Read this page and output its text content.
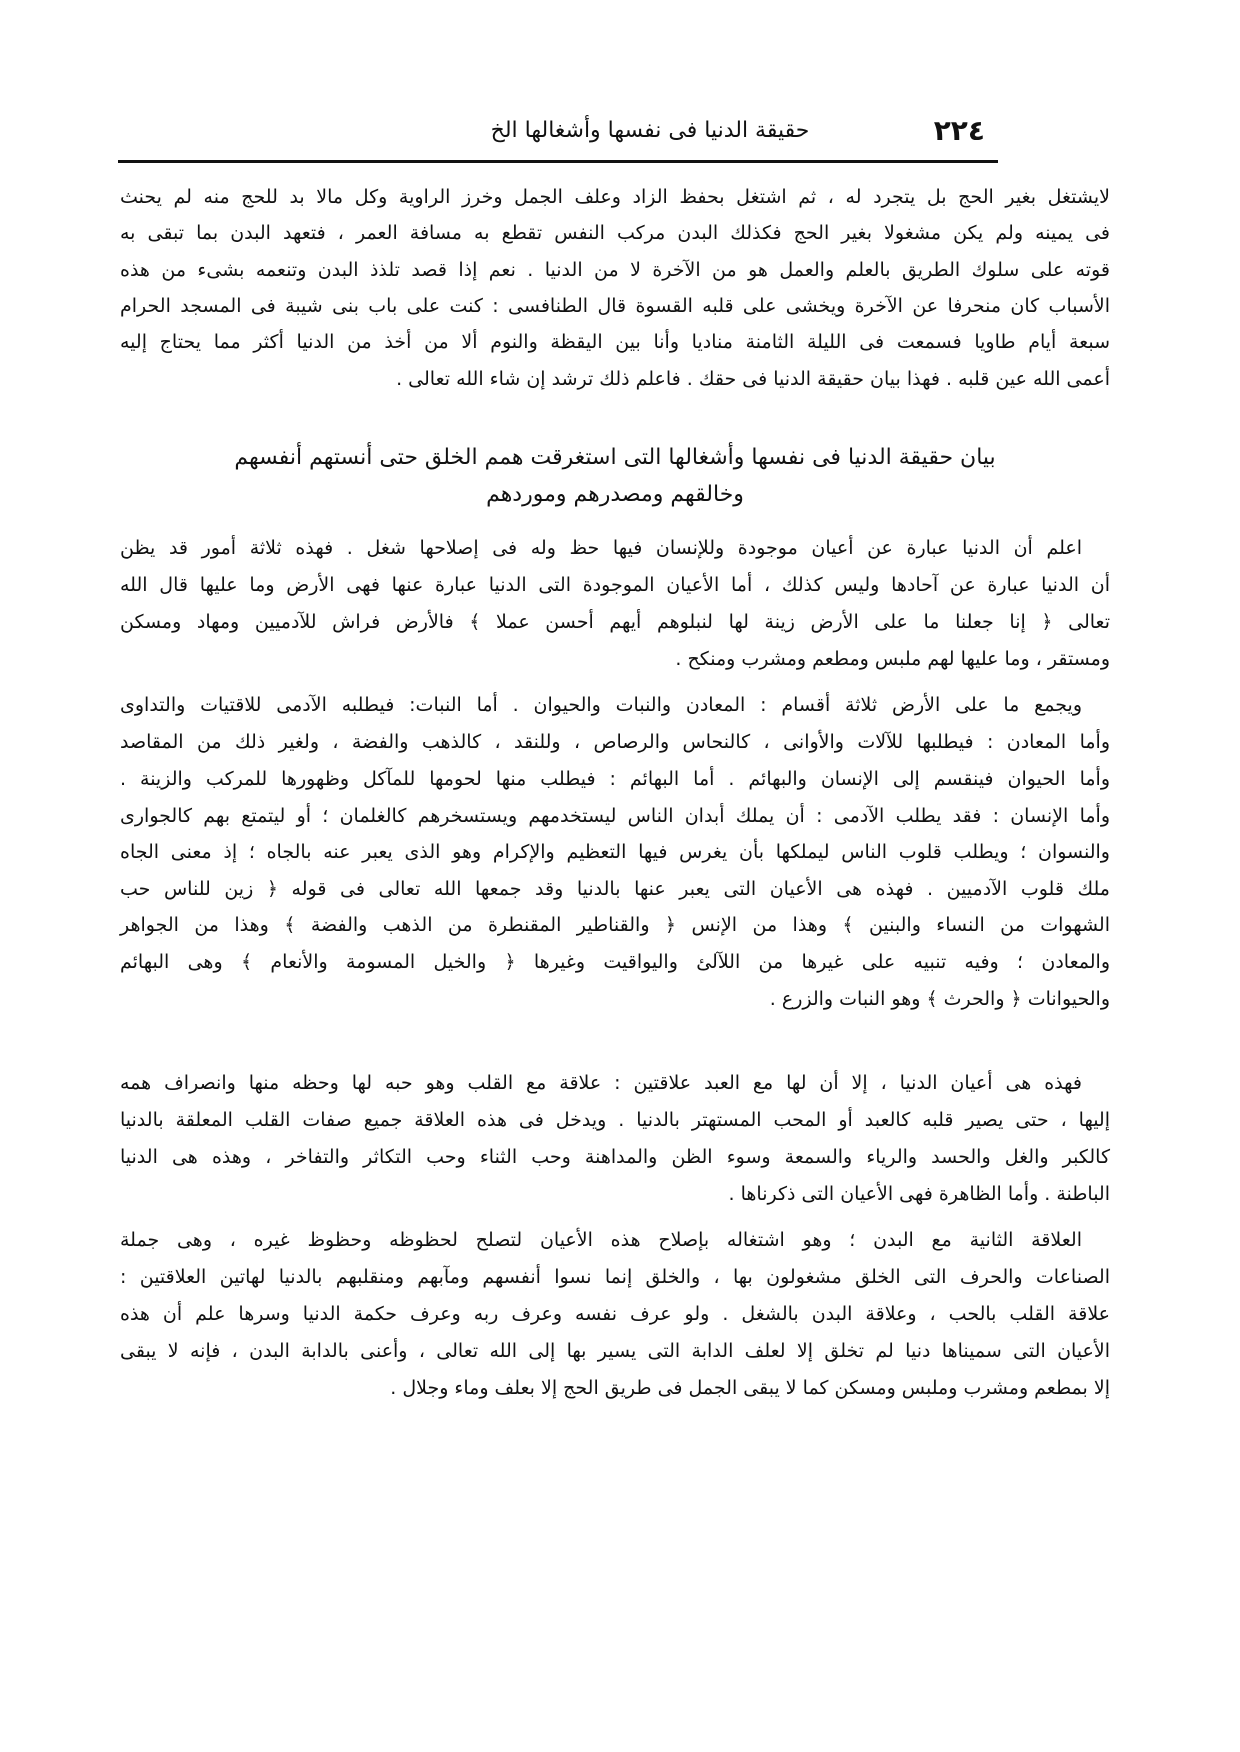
حقيقة الدنيا فى نفسها وأشغالها الخ	٢٢٤
لايشتغل بغير الحج بل يتجرد له ، ثم اشتغل بحفظ الزاد وعلف الجمل وخرز الراوية وكل مالا بد للحج منه لم يحنث
فى يمينه ولم يكن مشغولا بغير الحج فكذلك البدن مركب النفس تقطع به مسافة العمر ، فتعهد البدن بما تبقى به
قوته على سلوك الطريق بالعلم والعمل هو من الآخرة لا من الدنيا . نعم إذا قصد تلذذ البدن وتنعمه بشىء من هذه
الأسباب كان منحرفا عن الآخرة ويخشى على قلبه القسوة قال الطنافسى : كنت على باب بنى شيبة فى المسجد الحرام
سبعة أيام طاويا فسمعت فى الليلة الثامنة مناديا وأنا بين اليقظة والنوم ألا من أخذ من الدنيا أكثر مما يحتاج إليه
أعمى الله عين قلبه . فهذا بيان حقيقة الدنيا فى حقك . فاعلم ذلك ترشد إن شاء الله تعالى .
بيان حقيقة الدنيا فى نفسها وأشغالها التى استغرقت همم الخلق حتى أنستهم أنفسهم
وخالقهم ومصدرهم وموردهم
اعلم أن الدنيا عبارة عن أعيان موجودة وللإنسان فيها حظ وله فى إصلاحها شغل . فهذه ثلاثة أمور قد يظن
أن الدنيا عبارة عن آحادها وليس كذلك ، أما الأعيان الموجودة التى الدنيا عبارة عنها فهى الأرض وما عليها قال الله
تعالى ﴿ إنا جعلنا ما على الأرض زينة لها لنبلوهم أيهم أحسن عملا ﴾ فالأرض فراش للآدميين ومهاد ومسكن
ومستقر ، وما عليها لهم ملبس ومطعم ومشرب ومنكح .
ويجمع ما على الأرض ثلاثة أقسام : المعادن والنبات والحيوان . أما النبات: فيطلبه الآدمى للاقتيات والتداوى
وأما المعادن : فيطلبها للآلات والأوانى ، كالنحاس والرصاص ، وللنقد ، كالذهب والفضة ، ولغير ذلك من المقاصد
وأما الحيوان فينقسم إلى الإنسان والبهائم . أما البهائم : فيطلب منها لحومها للمآكل وظهورها للمركب والزينة .
وأما الإنسان : فقد يطلب الآدمى : أن يملك أبدان الناس ليستخدمهم ويستسخرهم كالغلمان ؛ أو ليتمتع بهم كالجوارى
والنسوان ؛ ويطلب قلوب الناس ليملكها بأن يغرس فيها التعظيم والإكرام وهو الذى يعبر عنه بالجاه ؛ إذ معنى الجاه
ملك قلوب الآدميين . فهذه هى الأعيان التى يعبر عنها بالدنيا وقد جمعها الله تعالى فى قوله ﴿ زين للناس حب
الشهوات من النساء والبنين ﴾ وهذا من الإنس ﴿ والقناطير المقنطرة من الذهب والفضة ﴾ وهذا من الجواهر
والمعادن ؛ وفيه تنبيه على غيرها من اللآلئ واليواقيت وغيرها ﴿ والخيل المسومة والأنعام ﴾ وهى البهائم
والحيوانات ﴿ والحرث ﴾ وهو النبات والزرع .
فهذه هى أعيان الدنيا ، إلا أن لها مع العبد علاقتين : علاقة مع القلب وهو حبه لها وحظه منها وانصراف همه
إليها ، حتى يصير قلبه كالعبد أو المحب المستهتر بالدنيا . ويدخل فى هذه العلاقة جميع صفات القلب المعلقة بالدنيا
كالكبر والغل والحسد والرياء والسمعة وسوء الظن والمداهنة وحب الثناء وحب التكاثر والتفاخر ، وهذه هى الدنيا
الباطنة . وأما الظاهرة فهى الأعيان التى ذكرناها .
العلاقة الثانية مع البدن ؛ وهو اشتغاله بإصلاح هذه الأعيان لتصلح لحظوظه وحظوظ غيره ، وهى جملة
الصناعات والحرف التى الخلق مشغولون بها ، والخلق إنما نسوا أنفسهم ومآبهم ومنقلبهم بالدنيا لهاتين العلاقتين :
علاقة القلب بالحب ، وعلاقة البدن بالشغل . ولو عرف نفسه وعرف ربه وعرف حكمة الدنيا وسرها علم أن هذه
الأعيان التى سميناها دنيا لم تخلق إلا لعلف الدابة التى يسير بها إلى الله تعالى ، وأعنى بالدابة البدن ، فإنه لا يبقى
إلا بمطعم ومشرب وملبس ومسكن كما لا يبقى الجمل فى طريق الحج إلا بعلف وماء وجلال .
